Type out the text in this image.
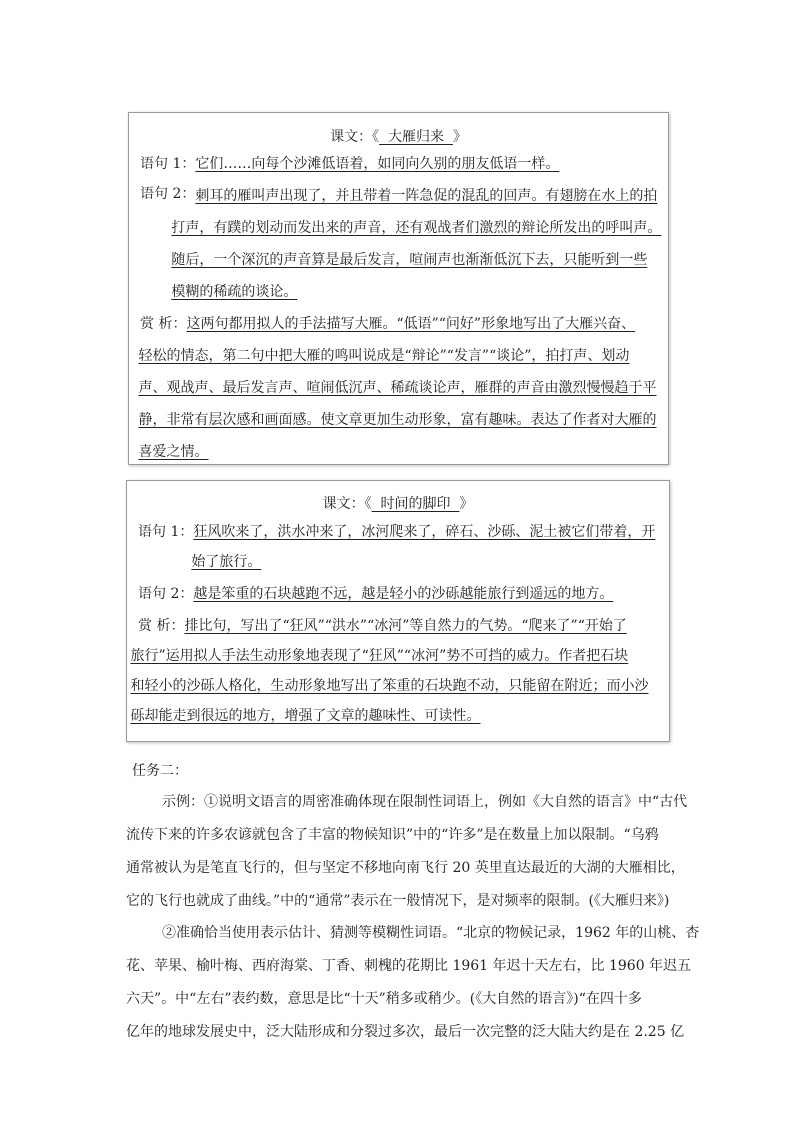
课文：《  大雁归来  》
语句 1： 它们……向每个沙滩低语着，如同向久别的朋友低语一样。
语句 2： 刺耳的雁叫声出现了，并且带着一阵急促的混乱的回声。有翅膀在水上的拍
打声，有蹼的划动而发出来的声音，还有观战者们激烈的辩论所发出的呼叫声。
随后，一个深沉的声音算是最后发言，喧闹声也渐渐低沉下去，只能听到一些
模糊的稀疏的谈论。
赏 析： 这两句都用拟人的手法描写大雁。“低语”“问好”形象地写出了大雁兴奋、
轻松的情态，第二句中把大雁的鸣叫说成是“辩论”“发言”“谈论”，拍打声、划动
声、观战声、最后发言声、喧闹低沉声、稀疏谈论声，雁群的声音由激烈慢慢趋于平
静，非常有层次感和画面感。使文章更加生动形象，富有趣味。表达了作者对大雁的
喜爱之情。
课文：《  时间的脚印  》
语句 1： 狂风吹来了，洪水冲来了，冰河爬来了，碎石、沙砾、泥土被它们带着，开
始了旅行。
语句 2： 越是笨重的石块越跑不远，越是轻小的沙砾越能旅行到遥远的地方。
赏 析： 排比句，写出了“狂风”“洪水”“冰河”等自然力的气势。“爬来了”“开始了
旅行”运用拟人手法生动形象地表现了“狂风”“冰河”势不可挡的威力。作者把石块
和轻小的沙砾人格化，生动形象地写出了笨重的石块跑不动，只能留在附近；而小沙
砾却能走到很远的地方，增强了文章的趣味性、可读性。
任务二：
示例：①说明文语言的周密准确体现在限制性词语上，例如《大自然的语言》中“古代
流传下来的许多农谚就包含了丰富的物候知识”中的“许多”是在数量上加以限制。“乌鸦
通常被认为是笔直飞行的，但与坚定不移地向南飞行 20 英里直达最近的大湖的大雁相比，
它的飞行也就成了曲线。”中的“通常”表示在一般情况下，是对频率的限制。(《大雁归来》)
②准确恰当使用表示估计、猜测等模糊性词语。“北京的物候记录，1962 年的山桃、杏
花、苹果、榆叶梅、西府海棠、丁香、刺槐的花期比 1961 年迟十天左右，比 1960 年迟五
六天”。中“左右”表约数，意思是比“十天”稍多或稍少。(《大自然的语言》)“在四十多
亿年的地球发展史中，泛大陆形成和分裂过多次，最后一次完整的泛大陆大约是在 2.25 亿
